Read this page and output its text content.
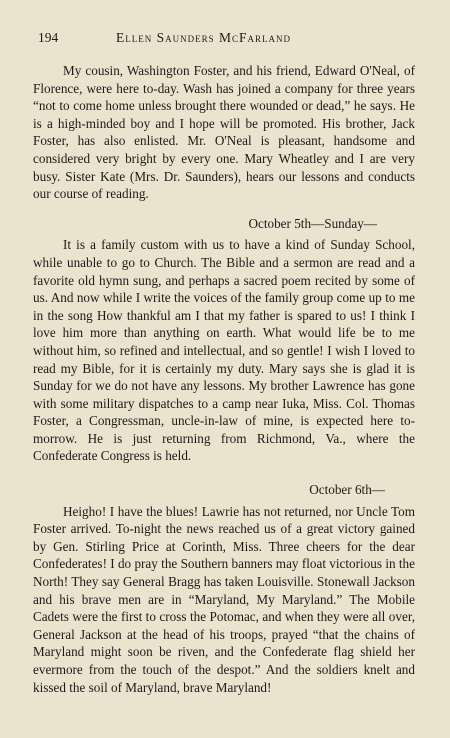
194	Ellen Saunders McFarland

My cousin, Washington Foster, and his friend, Edward O'Neal, of Florence, were here to-day. Wash has joined a company for three years “not to come home unless brought there wounded or dead,” he says. He is a high-minded boy and I hope will be promoted. His brother, Jack Foster, has also enlisted. Mr. O'Neal is pleasant, handsome and considered very bright by every one. Mary Wheatley and I are very busy. Sister Kate (Mrs. Dr. Saunders), hears our lessons and conducts our course of reading.

October 5th—Sunday—

It is a family custom with us to have a kind of Sunday School, while unable to go to Church. The Bible and a sermon are read and a favorite old hymn sung, and perhaps a sacred poem recited by some of us. And now while I write the voices of the family group come up to me in the song How thankful am I that my father is spared to us! I think I love him more than anything on earth. What would life be to me without him, so refined and intellectual, and so gentle! I wish I loved to read my Bible, for it is certainly my duty. Mary says she is glad it is Sunday for we do not have any lessons. My brother Lawrence has gone with some military dispatches to a camp near Iuka, Miss. Col. Thomas Foster, a Congressman, uncle-in-law of mine, is expected here to-morrow. He is just returning from Richmond, Va., where the Confederate Congress is held.

October 6th—

Heigho! I have the blues! Lawrie has not returned, nor Uncle Tom Foster arrived. To-night the news reached us of a great victory gained by Gen. Stirling Price at Corinth, Miss. Three cheers for the dear Confederates! I do pray the Southern banners may float victorious in the North! They say General Bragg has taken Louisville. Stonewall Jackson and his brave men are in “Maryland, My Maryland.” The Mobile Cadets were the first to cross the Potomac, and when they were all over, General Jackson at the head of his troops, prayed “that the chains of Maryland might soon be riven, and the Confederate flag shield her evermore from the touch of the despot.” And the soldiers knelt and kissed the soil of Maryland, brave Maryland!
